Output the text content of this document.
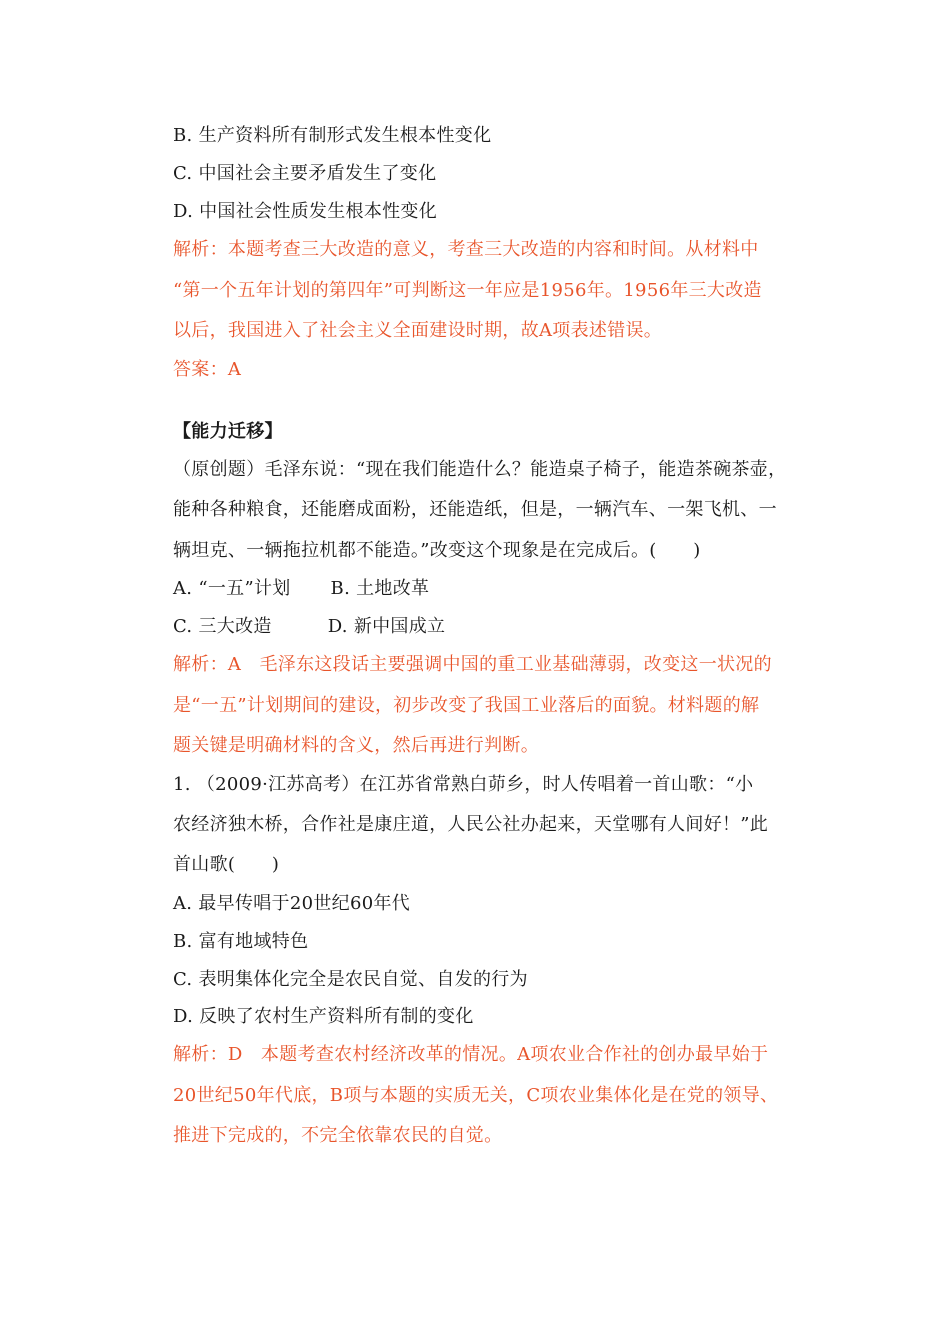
B. 生产资料所有制形式发生根本性变化
C. 中国社会主要矛盾发生了变化
D. 中国社会性质发生根本性变化
解析：本题考查三大改造的意义，考查三大改造的内容和时间。从材料中
“第一个五年计划的第四年”可判断这一年应是1956年。1956年三大改造
以后，我国进入了社会主义全面建设时期，故A项表述错误。
答案：A
【能力迁移】
（原创题）毛泽东说：“现在我们能造什么？能造桌子椅子，能造茶碗茶壶，
能种各种粮食，还能磨成面粉，还能造纸，但是，一辆汽车、一架飞机、一
辆坦克、一辆拖拉机都不能造。”改变这个现象是在完成后。(　　)
A. “一五”计划 B. 土地改革
C. 三大改造	D. 新中国成立
解析：A　毛泽东这段话主要强调中国的重工业基础薄弱，改变这一状况的
是“一五”计划期间的建设，初步改变了我国工业落后的面貌。材料题的解
题关键是明确材料的含义，然后再进行判断。
1. （2009·江苏高考）在江苏省常熟白茆乡，时人传唱着一首山歌：“小
农经济独木桥，合作社是康庄道，人民公社办起来，天堂哪有人间好！”此
首山歌(　　)
A. 最早传唱于20世纪60年代
B. 富有地域特色
C. 表明集体化完全是农民自觉、自发的行为
D. 反映了农村生产资料所有制的变化
解析：D　本题考查农村经济改革的情况。A项农业合作社的创办最早始于
20世纪50年代底，B项与本题的实质无关，C项农业集体化是在党的领导、
推进下完成的，不完全依靠农民的自觉。
